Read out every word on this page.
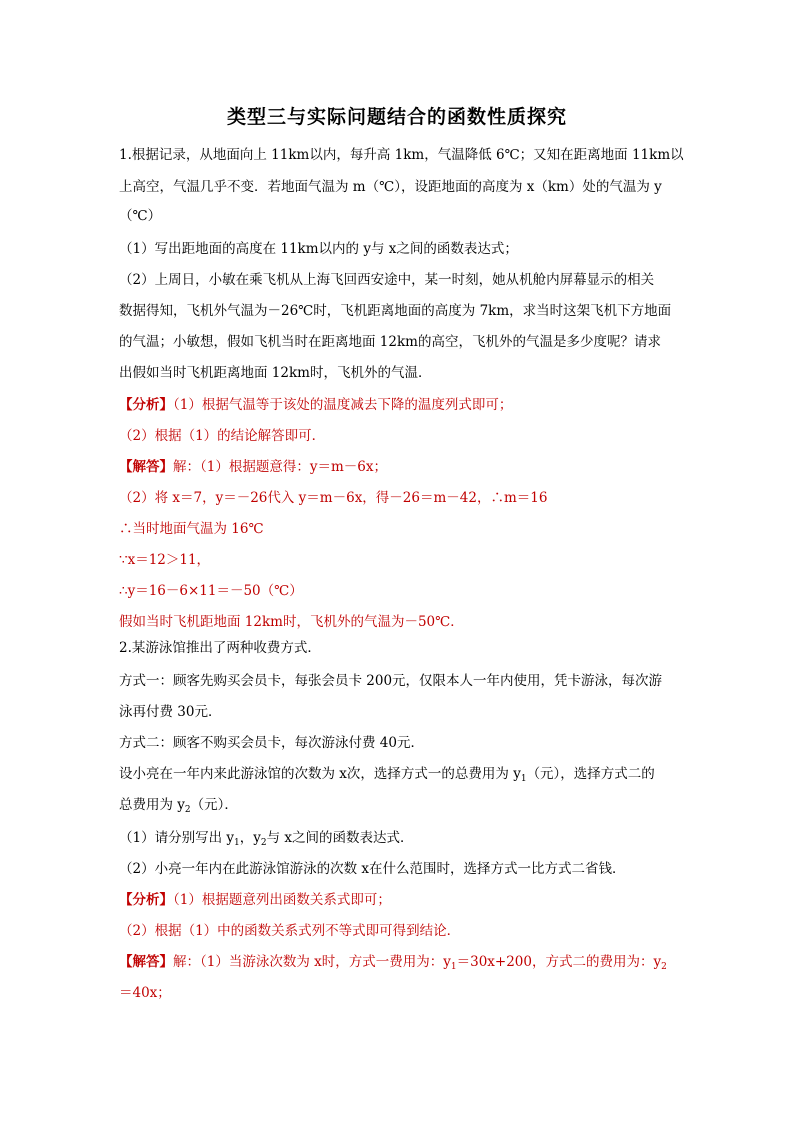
类型三与实际问题结合的函数性质探究
1.根据记录，从地面向上 11km以内，每升高 1km，气温降低 6℃；又知在距离地面 11km以
上高空，气温几乎不变．若地面气温为 m（℃），设距地面的高度为 x（km）处的气温为 y
（℃）
（1）写出距地面的高度在 11km以内的 y与 x之间的函数表达式；
（2）上周日，小敏在乘飞机从上海飞回西安途中，某一时刻，她从机舱内屏幕显示的相关
数据得知，飞机外气温为－26℃时，飞机距离地面的高度为 7km，求当时这架飞机下方地面
的气温；小敏想，假如飞机当时在距离地面 12km的高空，飞机外的气温是多少度呢？请求
出假如当时飞机距离地面 12km时，飞机外的气温．
【分析】（1）根据气温等于该处的温度减去下降的温度列式即可；
（2）根据（1）的结论解答即可．
【解答】解：（1）根据题意得：y＝m－6x；
（2）将 x＝7，y＝－26代入 y＝m－6x，得－26＝m－42，∴m＝16
∴当时地面气温为 16℃
∵x＝12＞11，
∴y＝16－6×11＝－50（℃）
假如当时飞机距地面 12km时，飞机外的气温为－50℃．
2.某游泳馆推出了两种收费方式．
方式一：顾客先购买会员卡，每张会员卡 200元，仅限本人一年内使用，凭卡游泳，每次游
泳再付费 30元．
方式二：顾客不购买会员卡，每次游泳付费 40元．
设小亮在一年内来此游泳馆的次数为 x次，选择方式一的总费用为 $y_1$（元），选择方式二的
总费用为 $y_2$（元）．
（1）请分别写出 $y_1$，$y_2$与 x之间的函数表达式．
（2）小亮一年内在此游泳馆游泳的次数 x在什么范围时，选择方式一比方式二省钱．
【分析】（1）根据题意列出函数关系式即可；
（2）根据（1）中的函数关系式列不等式即可得到结论．
【解答】解：（1）当游泳次数为 x时，方式一费用为：$y_1=30x+200$，方式二的费用为：$y_2$
＝40x；
